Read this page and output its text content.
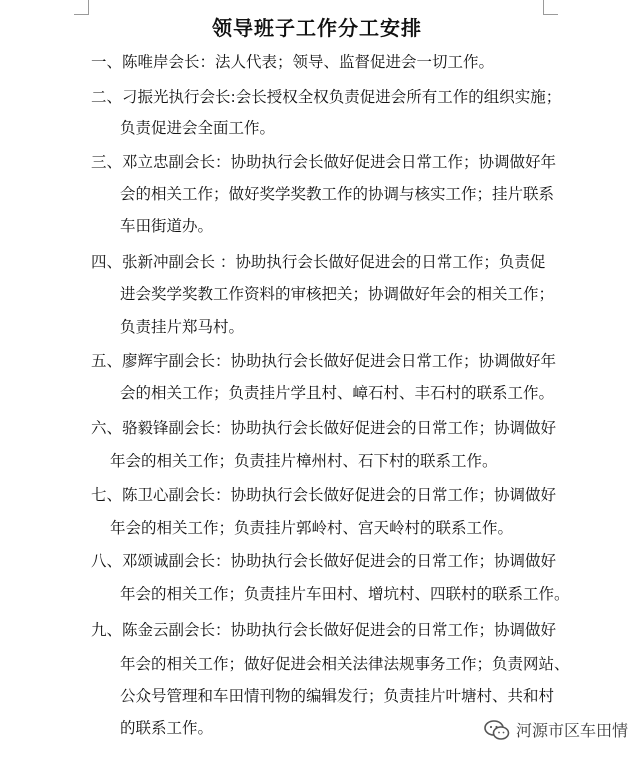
领导班子工作分工安排
一、陈唯岸会长：法人代表；领导、监督促进会一切工作。
二、刁振光执行会长:会长授权全权负责促进会所有工作的组织实施；
负责促进会全面工作。
三、邓立忠副会长：协助执行会长做好促进会日常工作；协调做好年
会的相关工作；做好奖学奖教工作的协调与核实工作；挂片联系
车田街道办。
四、张新冲副会长 ：协助执行会长做好促进会的日常工作；负责促
进会奖学奖教工作资料的审核把关；协调做好年会的相关工作；
负责挂片郑马村。
五、廖辉宇副会长：协助执行会长做好促进会日常工作；协调做好年
会的相关工作；负责挂片学且村、嶂石村、丰石村的联系工作。
六、骆毅锋副会长：协助执行会长做好促进会的日常工作；协调做好
年会的相关工作；负责挂片樟州村、石下村的联系工作。
七、陈卫心副会长：协助执行会长做好促进会的日常工作；协调做好
年会的相关工作；负责挂片郭岭村、宫天岭村的联系工作。
八、邓颂诚副会长：协助执行会长做好促进会的日常工作；协调做好
年会的相关工作；负责挂片车田村、增坑村、四联村的联系工作。
九、陈金云副会长：协助执行会长做好促进会的日常工作；协调做好
年会的相关工作；做好促进会相关法律法规事务工作；负责网站、
公众号管理和车田情刊物的编辑发行；负责挂片叶塘村、共和村
的联系工作。	河源市区车田情
